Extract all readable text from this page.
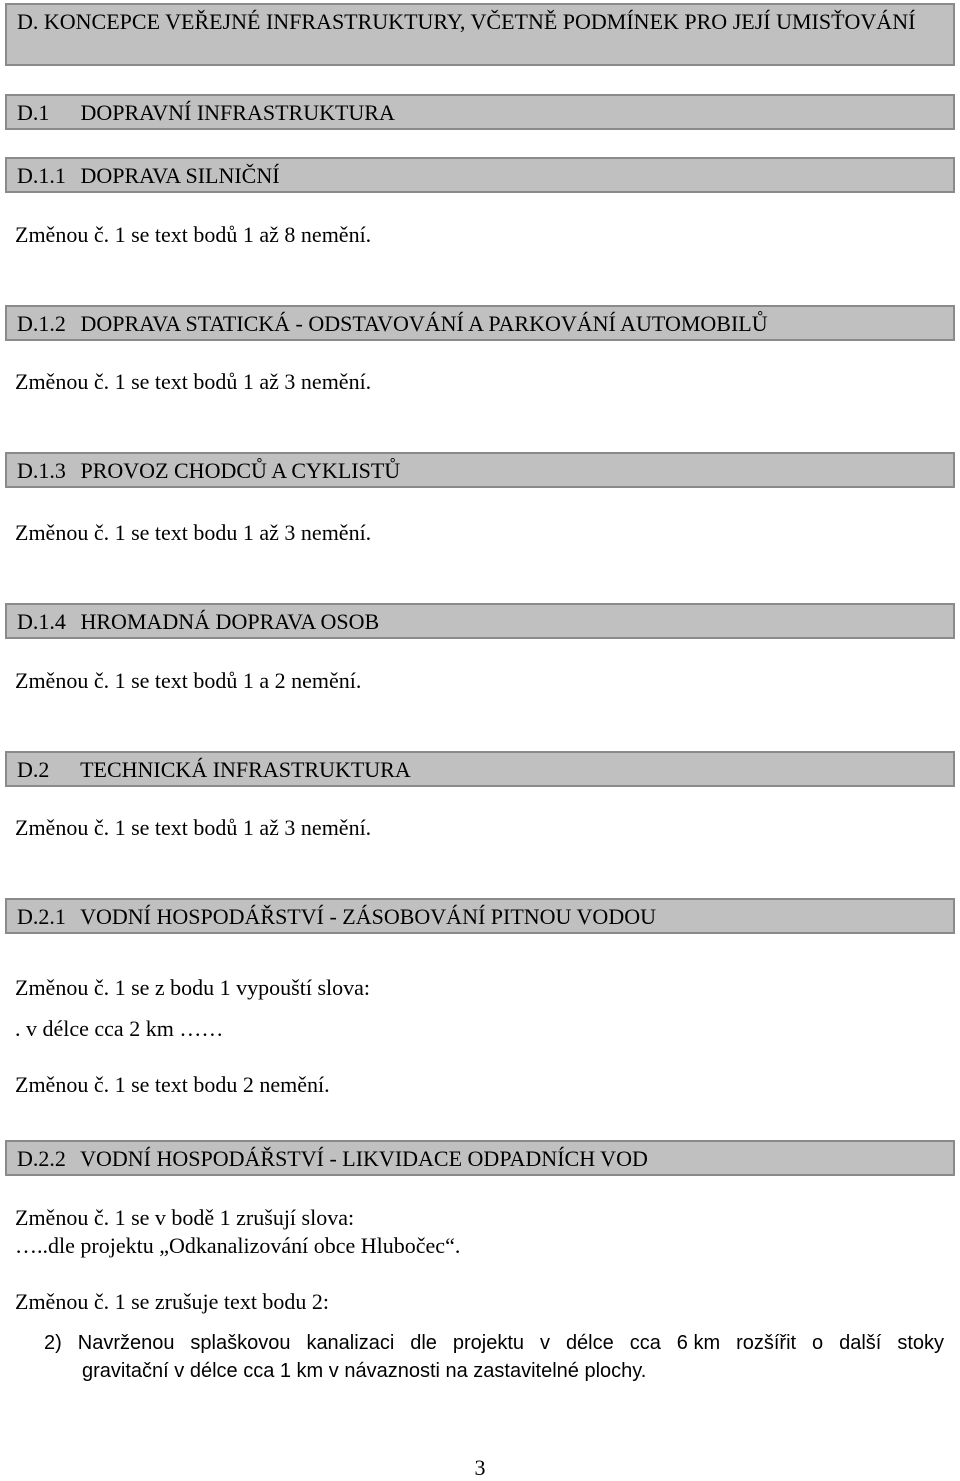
D. KONCEPCE VEŘEJNÉ INFRASTRUKTURY, VČETNĚ PODMÍNEK PRO JEJÍ UMISŤOVÁNÍ
D.1 DOPRAVNÍ INFRASTRUKTURA
D.1.1 DOPRAVA SILNIČNÍ
Změnou č. 1 se text bodů 1 až 8 nemění.
D.1.2 DOPRAVA STATICKÁ - ODSTAVOVÁNÍ A PARKOVÁNÍ AUTOMOBILŮ
Změnou č. 1 se text bodů 1 až 3 nemění.
D.1.3 PROVOZ CHODCŮ A CYKLISTŮ
Změnou č. 1 se text bodu 1 až 3 nemění.
D.1.4 HROMADNÁ DOPRAVA OSOB
Změnou č. 1 se text bodů 1 a 2 nemění.
D.2 TECHNICKÁ INFRASTRUKTURA
Změnou č. 1 se text bodů 1 až 3 nemění.
D.2.1 VODNÍ HOSPODÁŘSTVÍ - ZÁSOBOVÁNÍ PITNOU VODOU
Změnou č. 1 se z bodu 1 vypouští slova:
. v délce cca 2 km ……
Změnou č. 1 se text bodu 2 nemění.
D.2.2 VODNÍ HOSPODÁŘSTVÍ - LIKVIDACE ODPADNÍCH VOD
Změnou č. 1 se v bodě 1 zrušují slova:
…..dle projektu „Odkanalizování obce Hlubočec“.
Změnou č. 1 se zrušuje text bodu 2:
2) Navrženou splaškovou kanalizaci dle projektu v délce cca 6 km rozšířit o další stoky
gravitační v délce cca 1 km v návaznosti na zastavitelné plochy.
3
